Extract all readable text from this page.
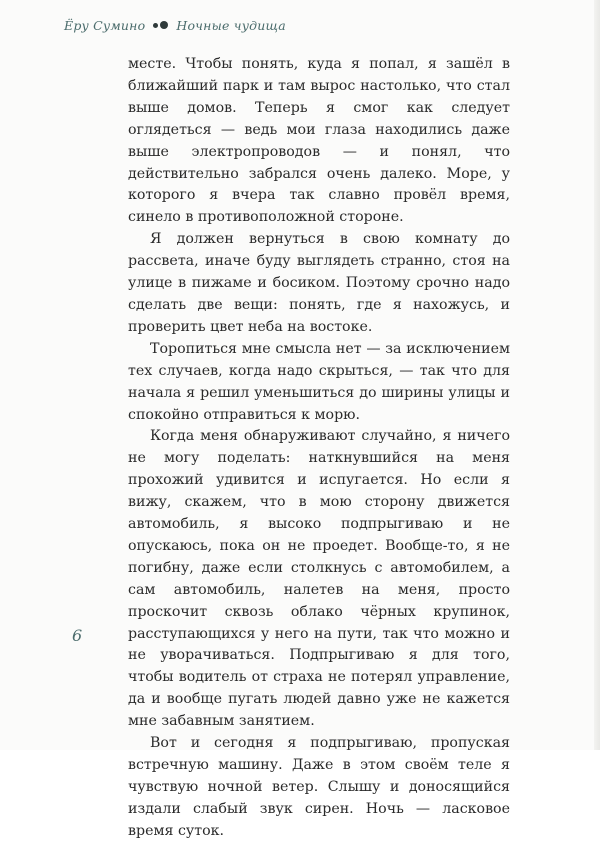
Ёру Сумино Ночные чудища

месте. Чтобы понять, куда я попал, я зашёл в ближайший парк и там вырос настолько, что стал выше домов. Теперь я смог как следует оглядеться — ведь мои глаза находились даже выше электропроводов — и понял, что действительно забрался очень далеко. Море, у которого я вчера так славно провёл время, синело в противоположной стороне.

Я должен вернуться в свою комнату до рассвета, иначе буду выглядеть странно, стоя на улице в пижаме и босиком. Поэтому срочно надо сделать две вещи: понять, где я нахожусь, и проверить цвет неба на востоке.

Торопиться мне смысла нет — за исключением тех случаев, когда надо скрыться, — так что для начала я решил уменьшиться до ширины улицы и спокойно отправиться к морю.

Когда меня обнаруживают случайно, я ничего не могу поделать: наткнувшийся на меня прохожий удивится и испугается. Но если я вижу, скажем, что в мою сторону движется автомобиль, я высоко подпрыгиваю и не опускаюсь, пока он не проедет. Вообще-то, я не погибну, даже если столкнусь с автомобилем, а сам автомобиль, налетев на меня, просто проскочит сквозь облако чёрных крупинок, расступающихся у него на пути, так что можно и не уворачиваться. Подпрыгиваю я для того, чтобы водитель от страха не потерял управление, да и вообще пугать людей давно уже не кажется мне забавным занятием.

Вот и сегодня я подпрыгиваю, пропуская встречную машину. Даже в этом своём теле я чувствую ночной ветер. Слышу и доносящийся издали слабый звук сирен. Ночь — ласковое время суток.

6
